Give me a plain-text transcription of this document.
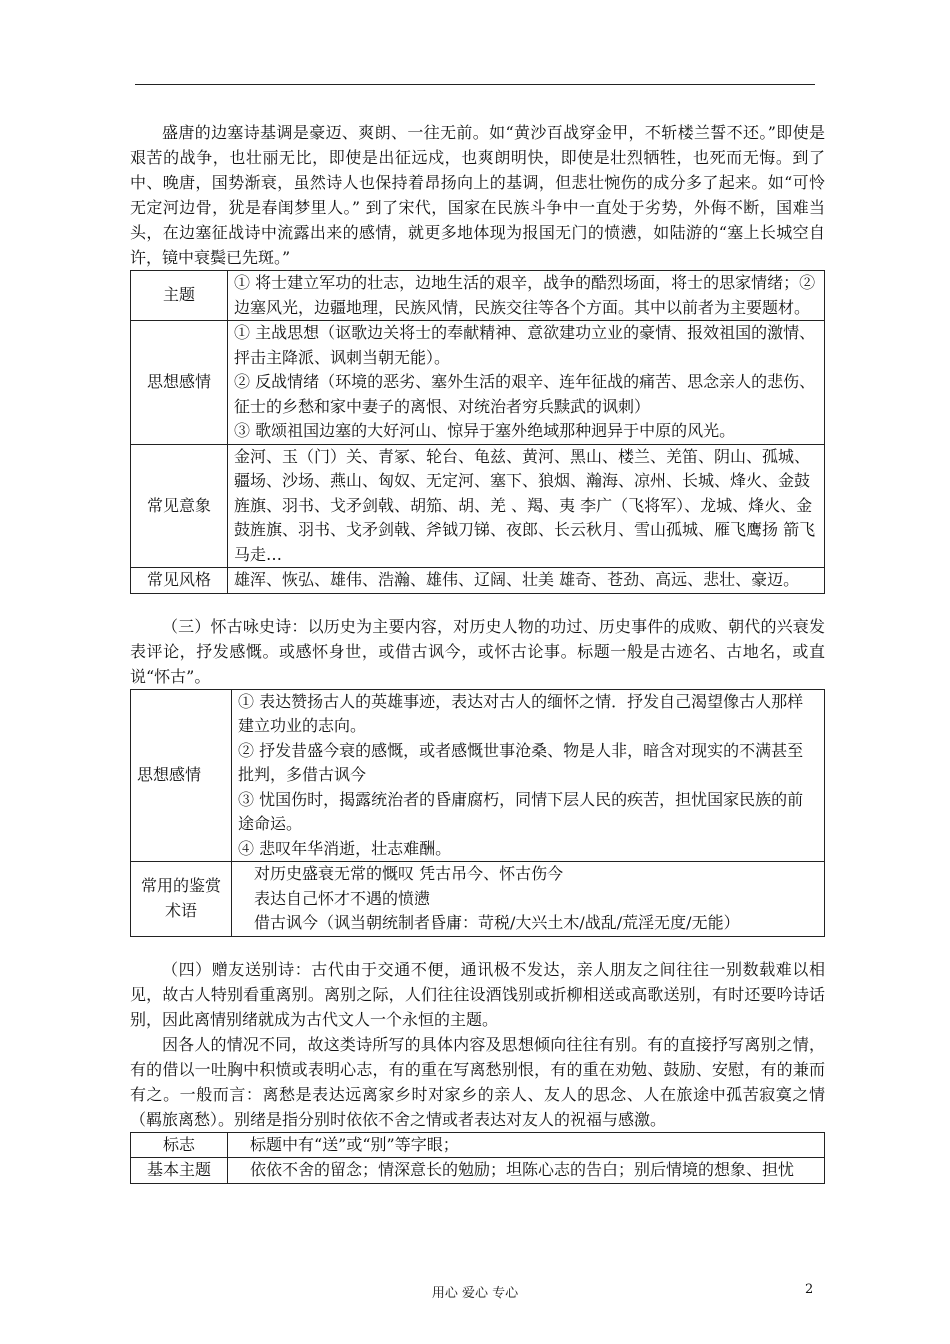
盛唐的边塞诗基调是豪迈、爽朗、一往无前。如“黄沙百战穿金甲，不斩楼兰誓不还。”即使是艰苦的战争，也壮丽无比，即使是出征远戍，也爽朗明快，即使是壮烈牺牲，也死而无悔。到了中、晚唐，国势渐衰，虽然诗人也保持着昂扬向上的基调，但悲壮惋伤的成分多了起来。如“可怜无定河边骨，犹是春闺梦里人。” 到了宋代，国家在民族斗争中一直处于劣势，外侮不断，国难当头，在边塞征战诗中流露出来的感情，就更多地体现为报国无门的愤懑，如陆游的“塞上长城空自许，镜中衰鬓已先斑。”

主题	① 将士建立军功的壮志，边地生活的艰辛，战争的酷烈场面，将士的思家情绪；② 边塞风光，边疆地理，民族风情，民族交往等各个方面。其中以前者为主要题材。

思想感情	① 主战思想（讴歌边关将士的奉献精神、意欲建功立业的豪情、报效祖国的激情、抨击主降派、讽刺当朝无能）。
② 反战情绪（环境的恶劣、塞外生活的艰辛、连年征战的痛苦、思念亲人的悲伤、征士的乡愁和家中妻子的离恨、对统治者穷兵黩武的讽刺）
③ 歌颂祖国边塞的大好河山、惊异于塞外绝域那种迥异于中原的风光。

常见意象	金河、玉（门）关、青冢、轮台、龟兹、黄河、黑山、楼兰、羌笛、阴山、孤城、疆场、沙场、燕山、匈奴、无定河、塞下、狼烟、瀚海、凉州、长城、烽火、金鼓旌旗、羽书、戈矛剑戟、胡笳、胡、羌 、羯、夷 李广（飞将军）、龙城、烽火、金鼓旌旗、羽书、戈矛剑戟、斧钺刀锑、夜郎、长云秋月、雪山孤城、雁飞鹰扬 箭飞马走…

常见风格	雄浑、恢弘、雄伟、浩瀚、雄伟、辽阔、壮美 雄奇、苍劲、高远、悲壮、豪迈。

（三）怀古咏史诗：以历史为主要内容，对历史人物的功过、历史事件的成败、朝代的兴衰发表评论，抒发感慨。或感怀身世，或借古讽今，或怀古论事。标题一般是古迹名、古地名，或直说“怀古”。

思想感情	① 表达赞扬古人的英雄事迹，表达对古人的缅怀之情．抒发自己渴望像古人那样建立功业的志向。
② 抒发昔盛今衰的感慨，或者感慨世事沧桑、物是人非，暗含对现实的不满甚至批判，多借古讽今
③ 忧国伤时，揭露统治者的昏庸腐朽，同情下层人民的疾苦，担忧国家民族的前途命运。
④ 悲叹年华消逝，壮志难酬。

常用的鉴赏术语	对历史盛衰无常的慨叹 凭古吊今、怀古伤今
表达自己怀才不遇的愤懑
借古讽今（讽当朝统制者昏庸：苛税/大兴土木/战乱/荒淫无度/无能）

（四）赠友送别诗：古代由于交通不便，通讯极不发达，亲人朋友之间往往一别数载难以相见，故古人特别看重离别。离别之际，人们往往设酒饯别或折柳相送或高歌送别，有时还要吟诗话别，因此离情别绪就成为古代文人一个永恒的主题。

因各人的情况不同，故这类诗所写的具体内容及思想倾向往往有别。有的直接抒写离别之情，有的借以一吐胸中积愤或表明心志，有的重在写离愁别恨，有的重在劝勉、鼓励、安慰，有的兼而有之。一般而言：离愁是表达远离家乡时对家乡的亲人、友人的思念、人在旅途中孤苦寂寞之情（羁旅离愁）。别绪是指分别时依依不舍之情或者表达对友人的祝福与感激。

标志	标题中有“送”或“别”等字眼；

基本主题	依依不舍的留念；情深意长的勉励；坦陈心志的告白；别后情境的想象、担忧
用心 爱心 专心	2
